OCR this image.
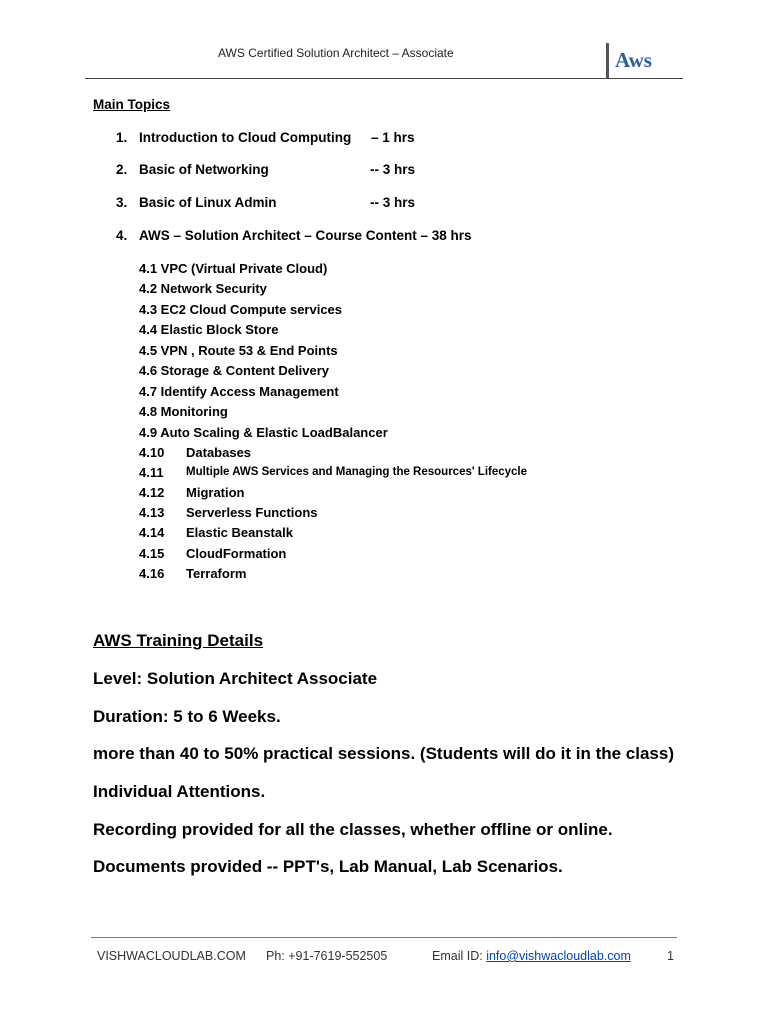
AWS Certified Solution Architect – Associate	Aws
Main Topics
1. Introduction to Cloud Computing – 1 hrs
2. Basic of Networking	-- 3 hrs
3. Basic of Linux Admin	-- 3 hrs
4. AWS – Solution Architect – Course Content – 38 hrs
4.1 VPC (Virtual Private Cloud)
4.2 Network Security
4.3 EC2 Cloud Compute services
4.4 Elastic Block Store
4.5 VPN , Route 53 & End Points
4.6 Storage & Content Delivery
4.7 Identify Access Management
4.8 Monitoring
4.9 Auto Scaling & Elastic LoadBalancer
4.10 Databases
4.11 Multiple AWS Services and Managing the Resources' Lifecycle
4.12 Migration
4.13 Serverless Functions
4.14 Elastic Beanstalk
4.15 CloudFormation
4.16 Terraform
AWS Training Details
Level: Solution Architect Associate
Duration: 5 to 6 Weeks.
more than 40 to 50% practical sessions. (Students will do it in the class)
Individual Attentions.
Recording provided for all the classes, whether offline or online.
Documents provided -- PPT's, Lab Manual, Lab Scenarios.
VISHWACLOUDLAB.COM Ph: +91-7619-552505	Email ID: info@vishwacloudlab.com	1
